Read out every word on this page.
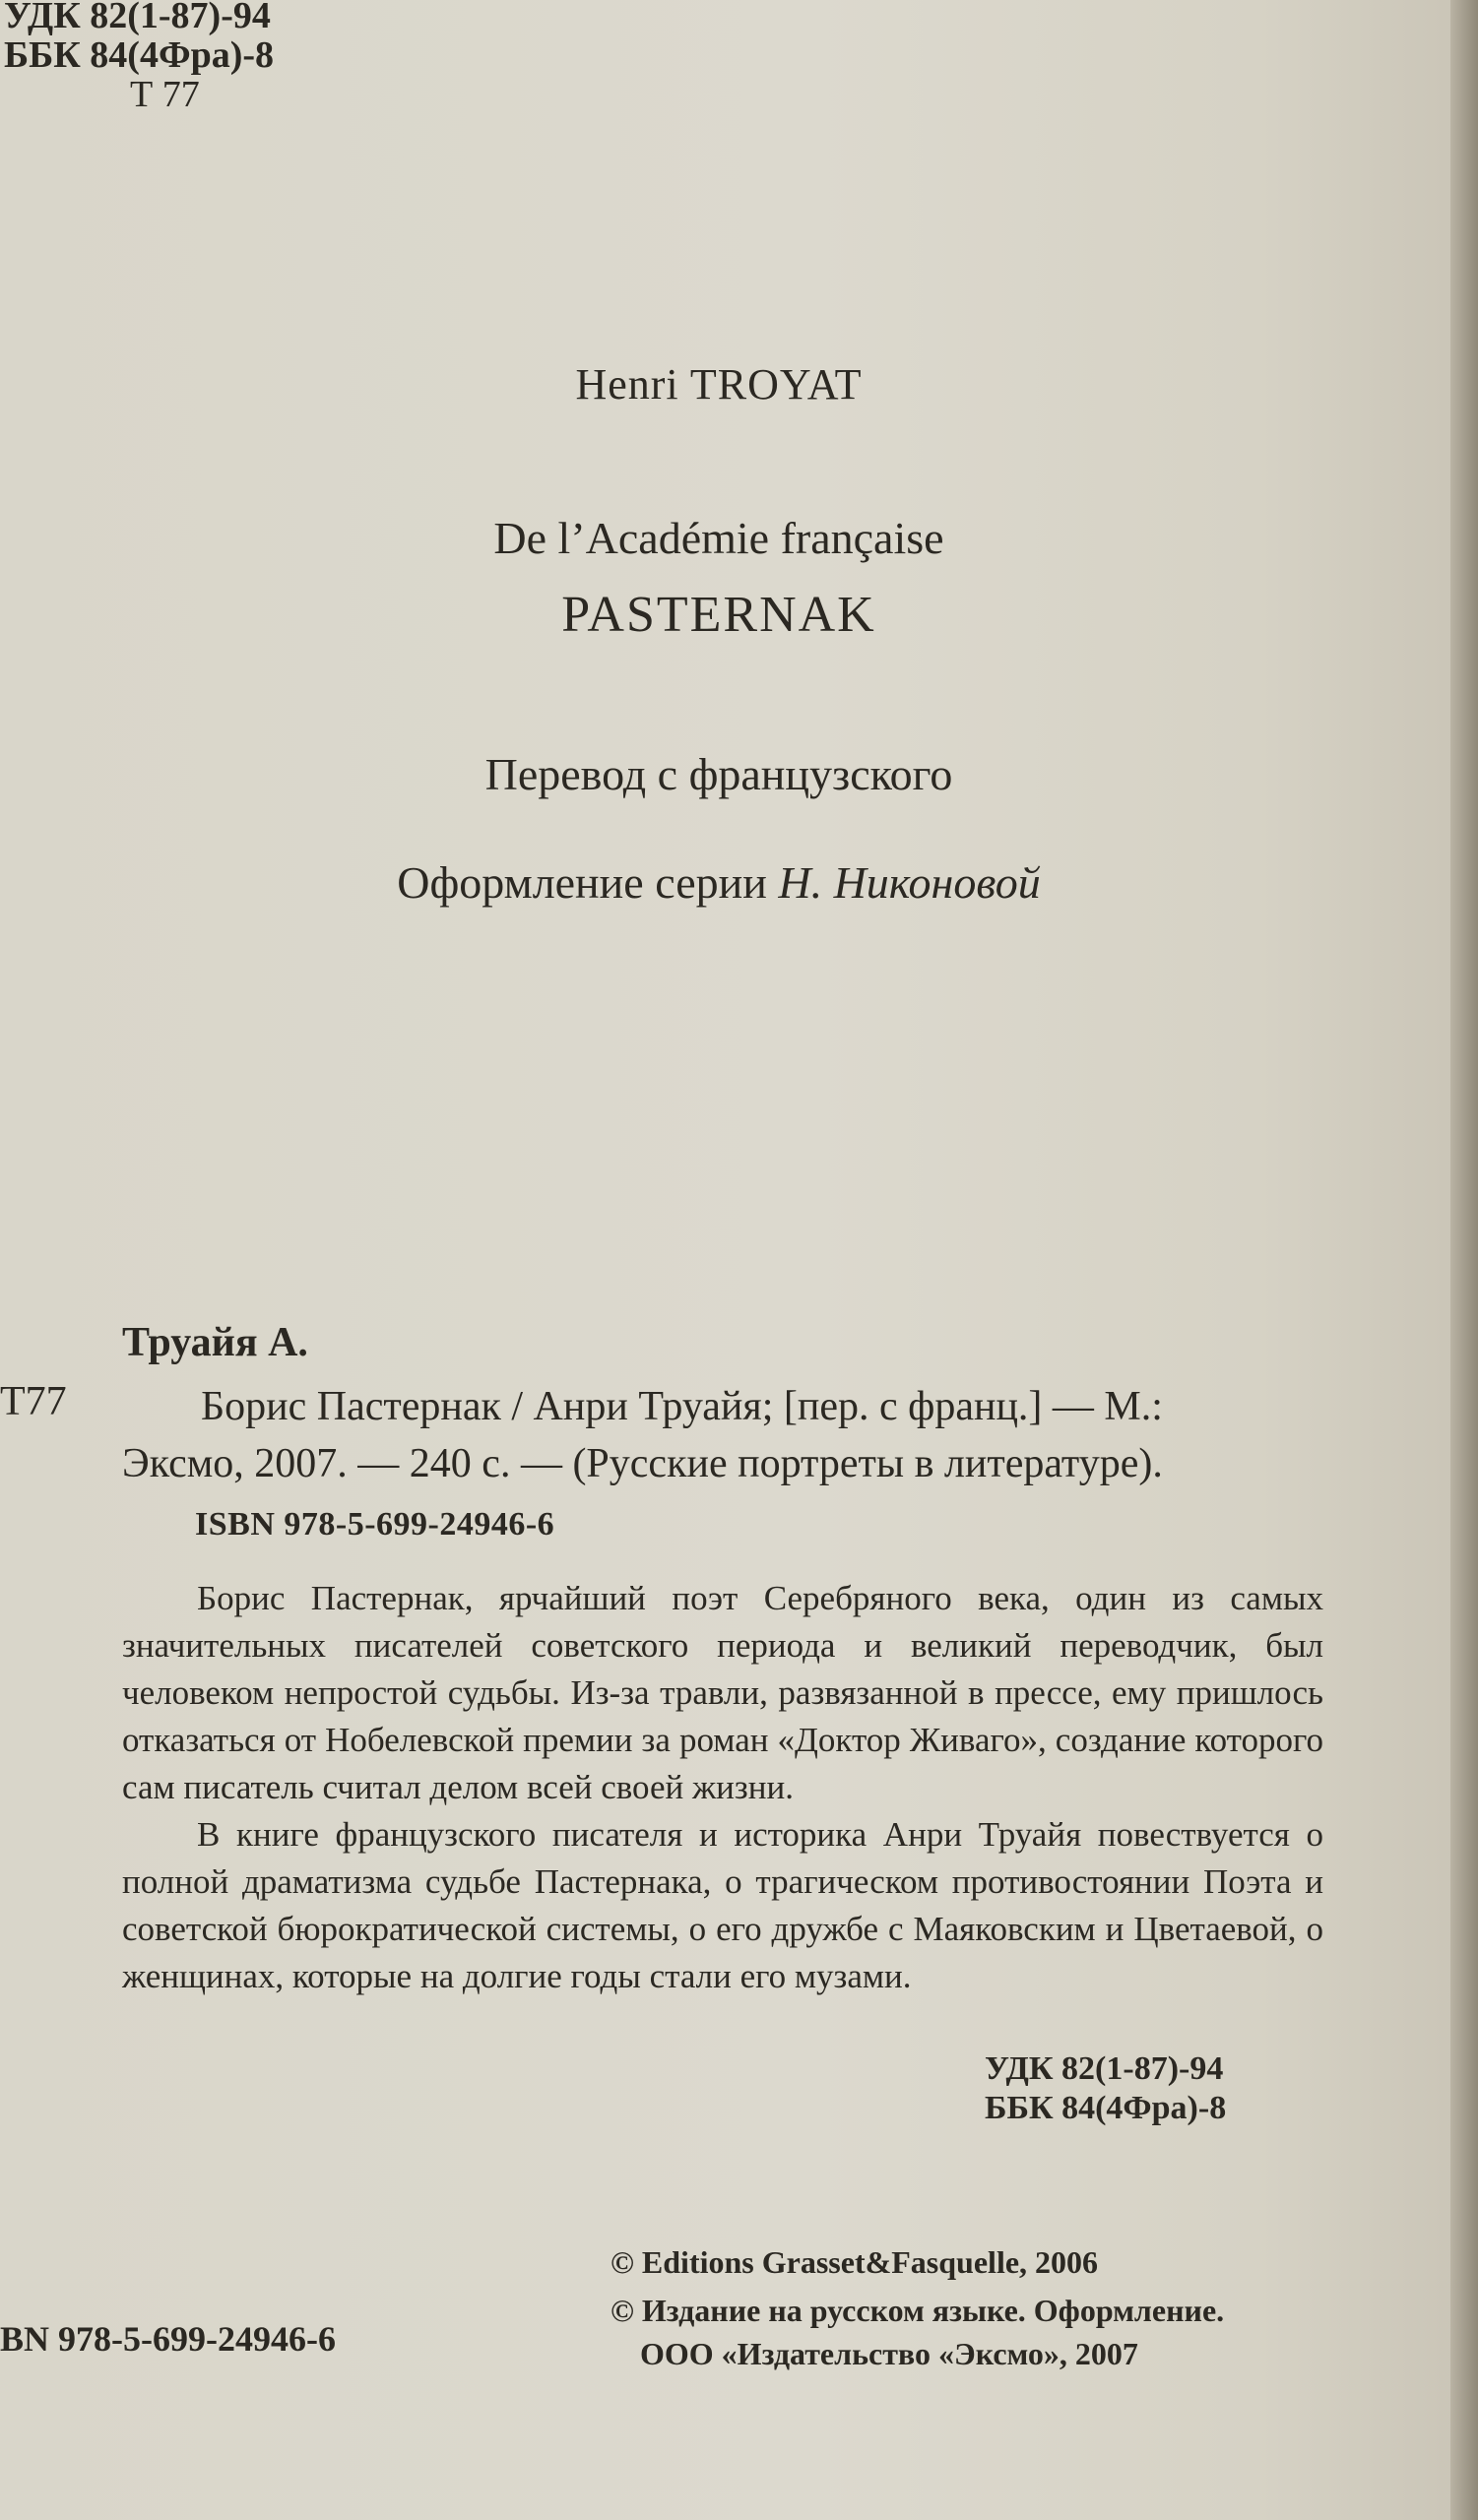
УДК 82(1-87)-94
ББК 84(4Фра)-8
Т 77
Henri TROYAT
De l’Académie française
PASTERNAK
Перевод с французского
Оформление серии Н. Никоновой
Труайя А.
Т77	Борис Пастернак / Анри Труайя; [пер. с франц.] — М.:
Эксмо, 2007. — 240 с. — (Русские портреты в литературе).
ISBN 978-5-699-24946-6

Борис Пастернак, ярчайший поэт Серебряного века, один из самых значительных писателей советского периода и великий переводчик, был человеком непростой судьбы. Из-за травли, развязанной в прессе, ему пришлось отказаться от Нобелевской премии за роман «Доктор Живаго», создание которого сам писатель считал делом всей своей жизни.

В книге французского писателя и историка Анри Труайя повествуется о полной драматизма судьбе Пастернака, о трагическом противостоянии Поэта и советской бюрократической системы, о его дружбе с Маяковским и Цветаевой, о женщинах, которые на долгие годы стали его музами.

УДК 82(1-87)-94
ББК 84(4Фра)-8
© Editions Grasset&Fasquelle, 2006
© Издание на русском языке. Оформление.
ООО «Издательство «Эксмо», 2007
BN 978-5-699-24946-6
